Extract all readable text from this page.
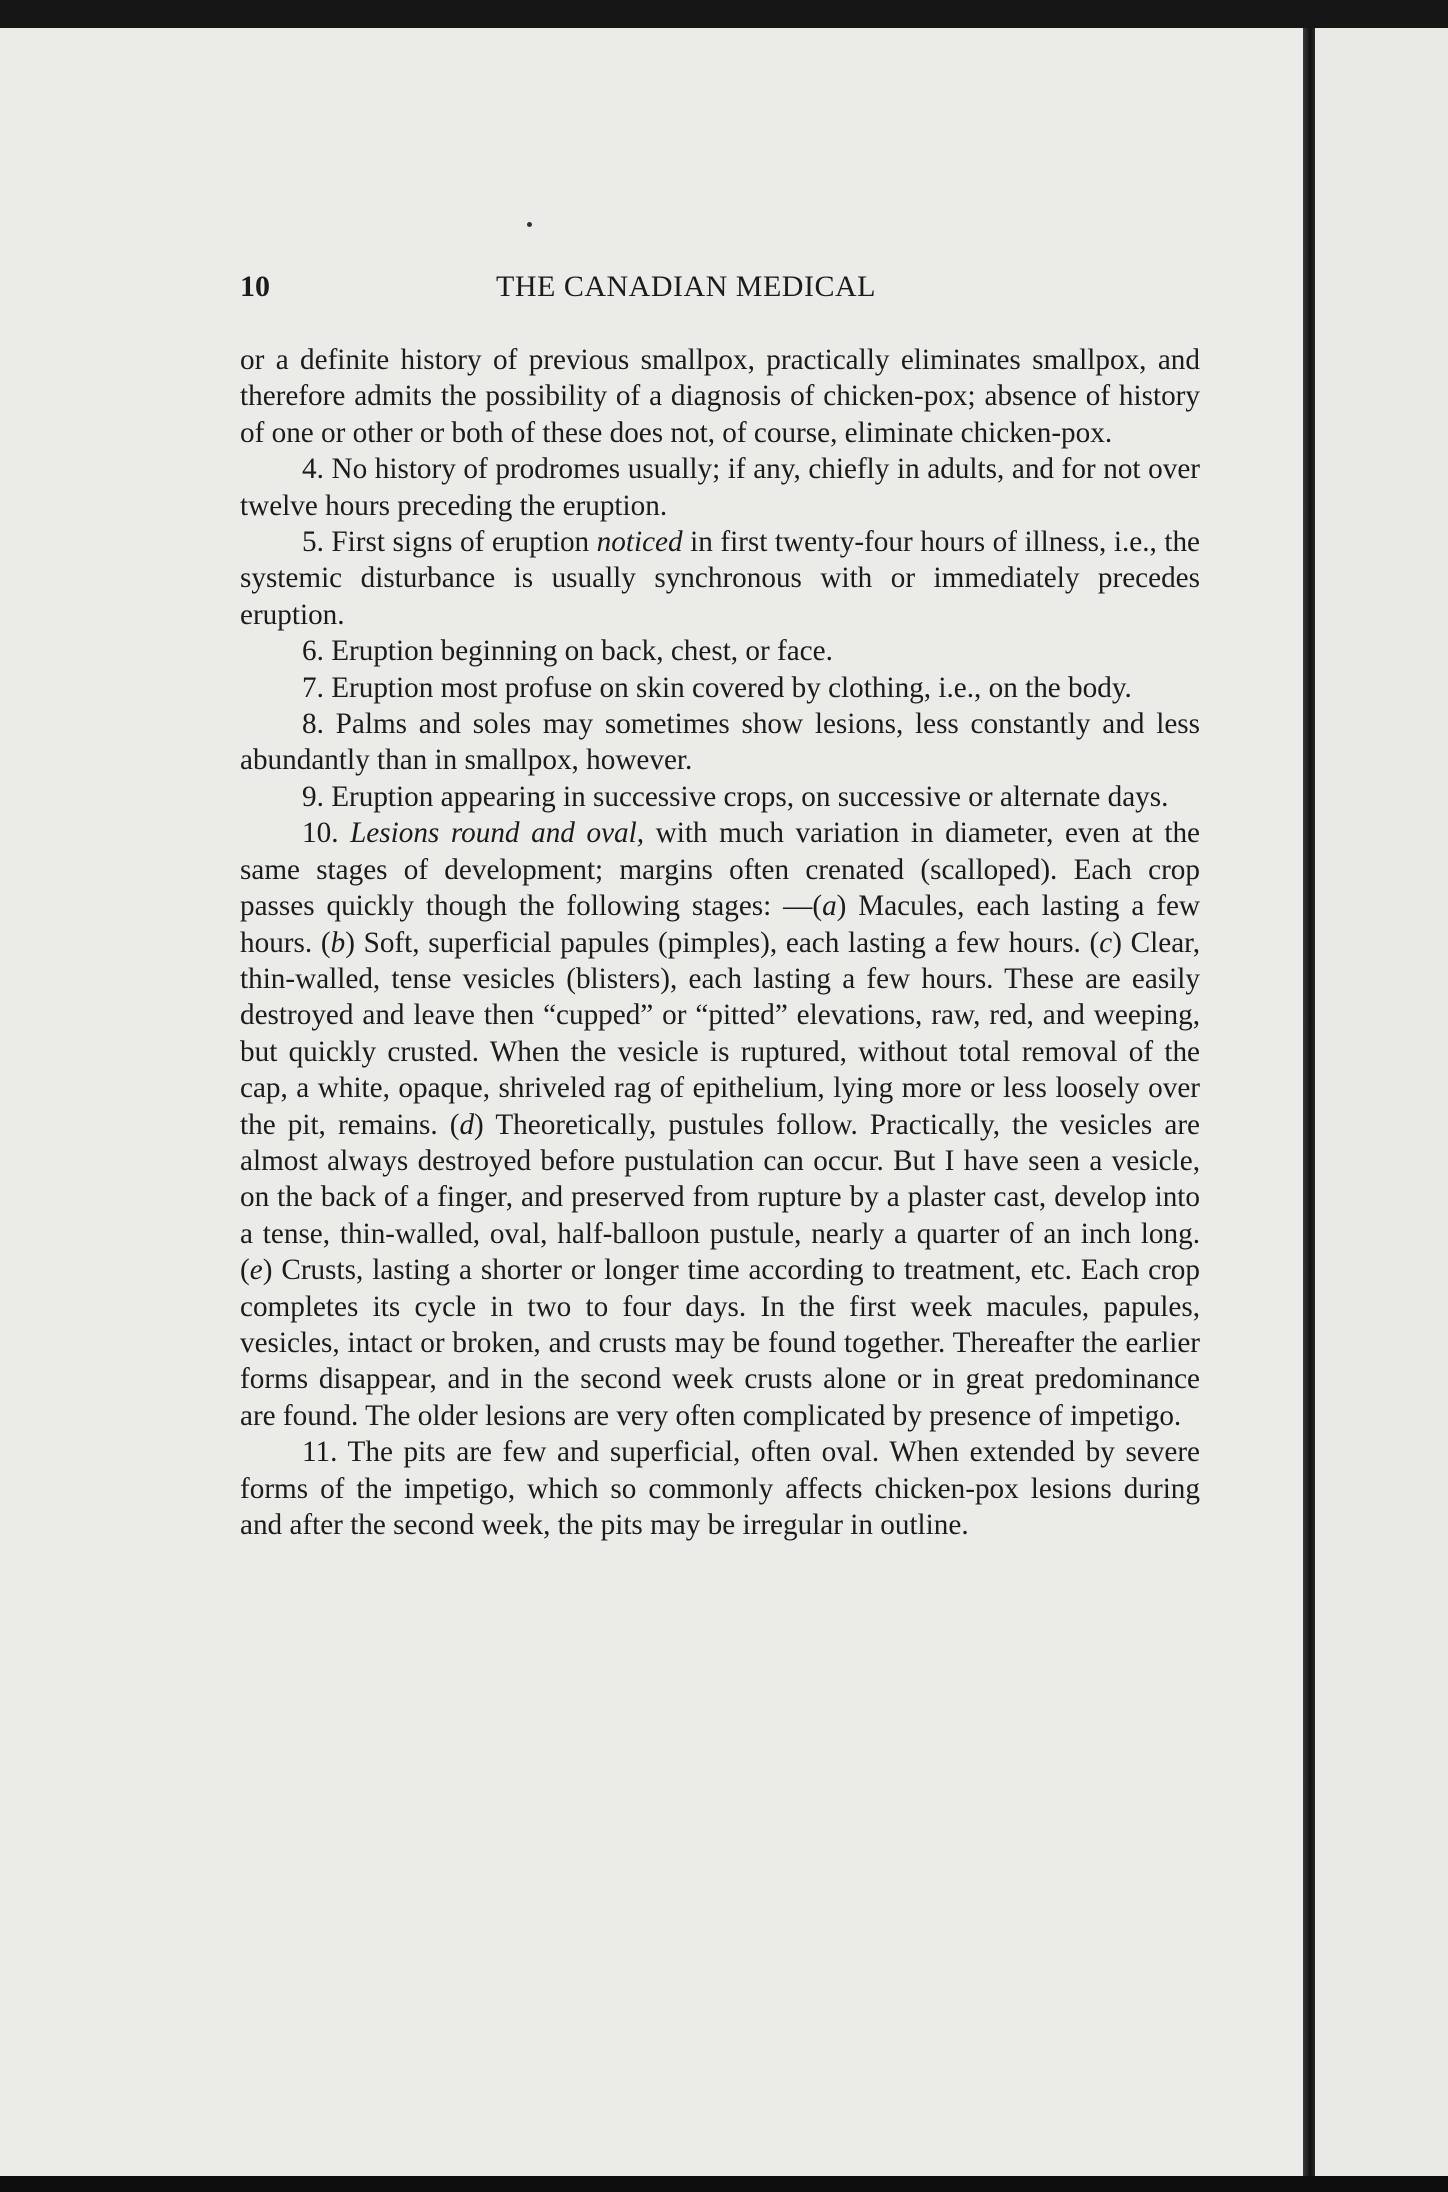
10	THE CANADIAN MEDICAL

or a definite history of previous smallpox, practically eliminates smallpox, and therefore admits the possibility of a diagnosis of chicken-pox; absence of history of one or other or both of these does not, of course, eliminate chicken-pox.

4. No history of prodromes usually; if any, chiefly in adults, and for not over twelve hours preceding the eruption.

5. First signs of eruption noticed in first twenty-four hours of illness, i.e., the systemic disturbance is usually synchronous with or immediately precedes eruption.

6. Eruption beginning on back, chest, or face.

7. Eruption most profuse on skin covered by clothing, i.e., on the body.

8. Palms and soles may sometimes show lesions, less constantly and less abundantly than in smallpox, however.

9. Eruption appearing in successive crops, on successive or alternate days.

10. Lesions round and oval, with much variation in diameter, even at the same stages of development; margins often crenated (scalloped). Each crop passes quickly though the following stages: —(a) Macules, each lasting a few hours. (b) Soft, superficial papules (pimples), each lasting a few hours. (c) Clear, thin-walled, tense vesicles (blisters), each lasting a few hours. These are easily destroyed and leave then “cupped” or “pitted” elevations, raw, red, and weeping, but quickly crusted. When the vesicle is ruptured, without total removal of the cap, a white, opaque, shriveled rag of epithelium, lying more or less loosely over the pit, remains. (d) Theoretically, pustules follow. Practically, the vesicles are almost always destroyed before pustulation can occur. But I have seen a vesicle, on the back of a finger, and preserved from rupture by a plaster cast, develop into a tense, thin-walled, oval, half-balloon pustule, nearly a quarter of an inch long. (e) Crusts, lasting a shorter or longer time according to treatment, etc. Each crop completes its cycle in two to four days. In the first week macules, papules, vesicles, intact or broken, and crusts may be found together. Thereafter the earlier forms disappear, and in the second week crusts alone or in great predominance are found. The older lesions are very often complicated by presence of impetigo.

11. The pits are few and superficial, often oval. When extended by severe forms of the impetigo, which so commonly affects chicken-pox lesions during and after the second week, the pits may be irregular in outline.
